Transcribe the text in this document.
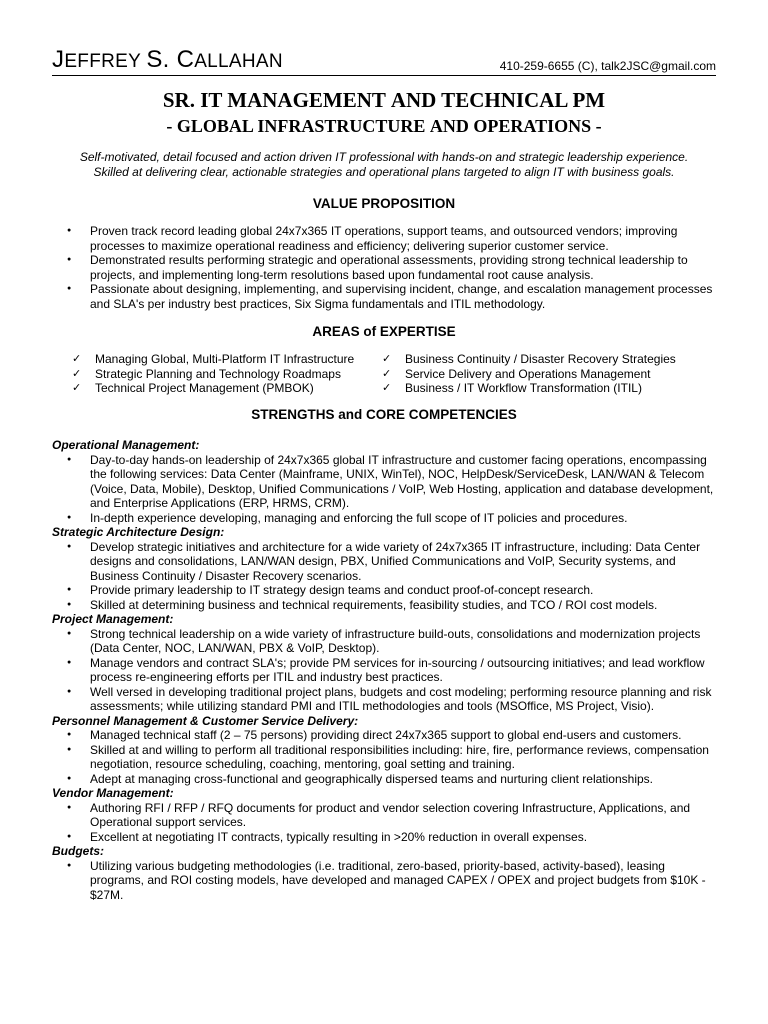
JEFFREY S. CALLAHAN	410-259-6655 (C), talk2JSC@gmail.com
SR. IT MANAGEMENT AND TECHNICAL PM
- GLOBAL INFRASTRUCTURE AND OPERATIONS -
Self-motivated, detail focused and action driven IT professional with hands-on and strategic leadership experience.
Skilled at delivering clear, actionable strategies and operational plans targeted to align IT with business goals.
VALUE PROPOSITION
● Proven track record leading global 24x7x365 IT operations, support teams, and outsourced vendors; improving processes to maximize operational readiness and efficiency; delivering superior customer service.
● Demonstrated results performing strategic and operational assessments, providing strong technical leadership to projects, and implementing long-term resolutions based upon fundamental root cause analysis.
● Passionate about designing, implementing, and supervising incident, change, and escalation management processes and SLA's per industry best practices, Six Sigma fundamentals and ITIL methodology.
AREAS of EXPERTISE
✓ Managing Global, Multi-Platform IT Infrastructure	✓ Business Continuity / Disaster Recovery Strategies
✓ Strategic Planning and Technology Roadmaps	✓ Service Delivery and Operations Management
✓ Technical Project Management (PMBOK)	✓ Business / IT Workflow Transformation (ITIL)
STRENGTHS and CORE COMPETENCIES
Operational Management:
● Day-to-day hands-on leadership of 24x7x365 global IT infrastructure and customer facing operations, encompassing the following services: Data Center (Mainframe, UNIX, WinTel), NOC, HelpDesk/ServiceDesk, LAN/WAN & Telecom (Voice, Data, Mobile), Desktop, Unified Communications / VoIP, Web Hosting, application and database development, and Enterprise Applications (ERP, HRMS, CRM).
● In-depth experience developing, managing and enforcing the full scope of IT policies and procedures.
Strategic Architecture Design:
● Develop strategic initiatives and architecture for a wide variety of 24x7x365 IT infrastructure, including: Data Center designs and consolidations, LAN/WAN design, PBX, Unified Communications and VoIP, Security systems, and Business Continuity / Disaster Recovery scenarios.
● Provide primary leadership to IT strategy design teams and conduct proof-of-concept research.
● Skilled at determining business and technical requirements, feasibility studies, and TCO / ROI cost models.
Project Management:
● Strong technical leadership on a wide variety of infrastructure build-outs, consolidations and modernization projects (Data Center, NOC, LAN/WAN, PBX & VoIP, Desktop).
● Manage vendors and contract SLA's; provide PM services for in-sourcing / outsourcing initiatives; and lead workflow process re-engineering efforts per ITIL and industry best practices.
● Well versed in developing traditional project plans, budgets and cost modeling; performing resource planning and risk assessments; while utilizing standard PMI and ITIL methodologies and tools (MSOffice, MS Project, Visio).
Personnel Management & Customer Service Delivery:
● Managed technical staff (2 – 75 persons) providing direct 24x7x365 support to global end-users and customers.
● Skilled at and willing to perform all traditional responsibilities including: hire, fire, performance reviews, compensation negotiation, resource scheduling, coaching, mentoring, goal setting and training.
● Adept at managing cross-functional and geographically dispersed teams and nurturing client relationships.
Vendor Management:
● Authoring RFI / RFP / RFQ documents for product and vendor selection covering Infrastructure, Applications, and Operational support services.
● Excellent at negotiating IT contracts, typically resulting in >20% reduction in overall expenses.
Budgets:
● Utilizing various budgeting methodologies (i.e. traditional, zero-based, priority-based, activity-based), leasing programs, and ROI costing models, have developed and managed CAPEX / OPEX and project budgets from $10K - $27M.
